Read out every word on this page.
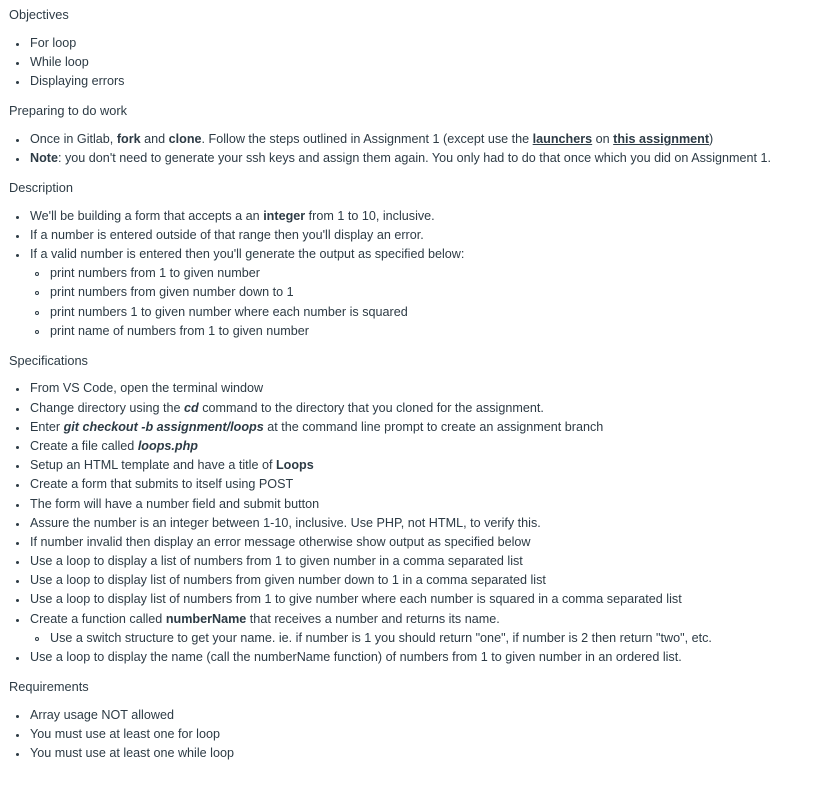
Objectives
For loop
While loop
Displaying errors
Preparing to do work
Once in Gitlab, fork and clone. Follow the steps outlined in Assignment 1 (except use the launchers on this assignment)
Note: you don't need to generate your ssh keys and assign them again. You only had to do that once which you did on Assignment 1.
Description
We'll be building a form that accepts a an integer from 1 to 10, inclusive.
If a number is entered outside of that range then you'll display an error.
If a valid number is entered then you'll generate the output as specified below:
print numbers from 1 to given number
print numbers from given number down to 1
print numbers 1 to given number where each number is squared
print name of numbers from 1 to given number
Specifications
From VS Code, open the terminal window
Change directory using the cd command to the directory that you cloned for the assignment.
Enter git checkout -b assignment/loops at the command line prompt to create an assignment branch
Create a file called loops.php
Setup an HTML template and have a title of Loops
Create a form that submits to itself using POST
The form will have a number field and submit button
Assure the number is an integer between 1-10, inclusive. Use PHP, not HTML, to verify this.
If number invalid then display an error message otherwise show output as specified below
Use a loop to display a list of numbers from 1 to given number in a comma separated list
Use a loop to display list of numbers from given number down to 1 in a comma separated list
Use a loop to display list of numbers from 1 to give number where each number is squared in a comma separated list
Create a function called numberName that receives a number and returns its name.
Use a switch structure to get your name. ie. if number is 1 you should return "one", if number is 2 then return "two", etc.
Use a loop to display the name (call the numberName function) of numbers from 1 to given number in an ordered list.
Requirements
Array usage NOT allowed
You must use at least one for loop
You must use at least one while loop
